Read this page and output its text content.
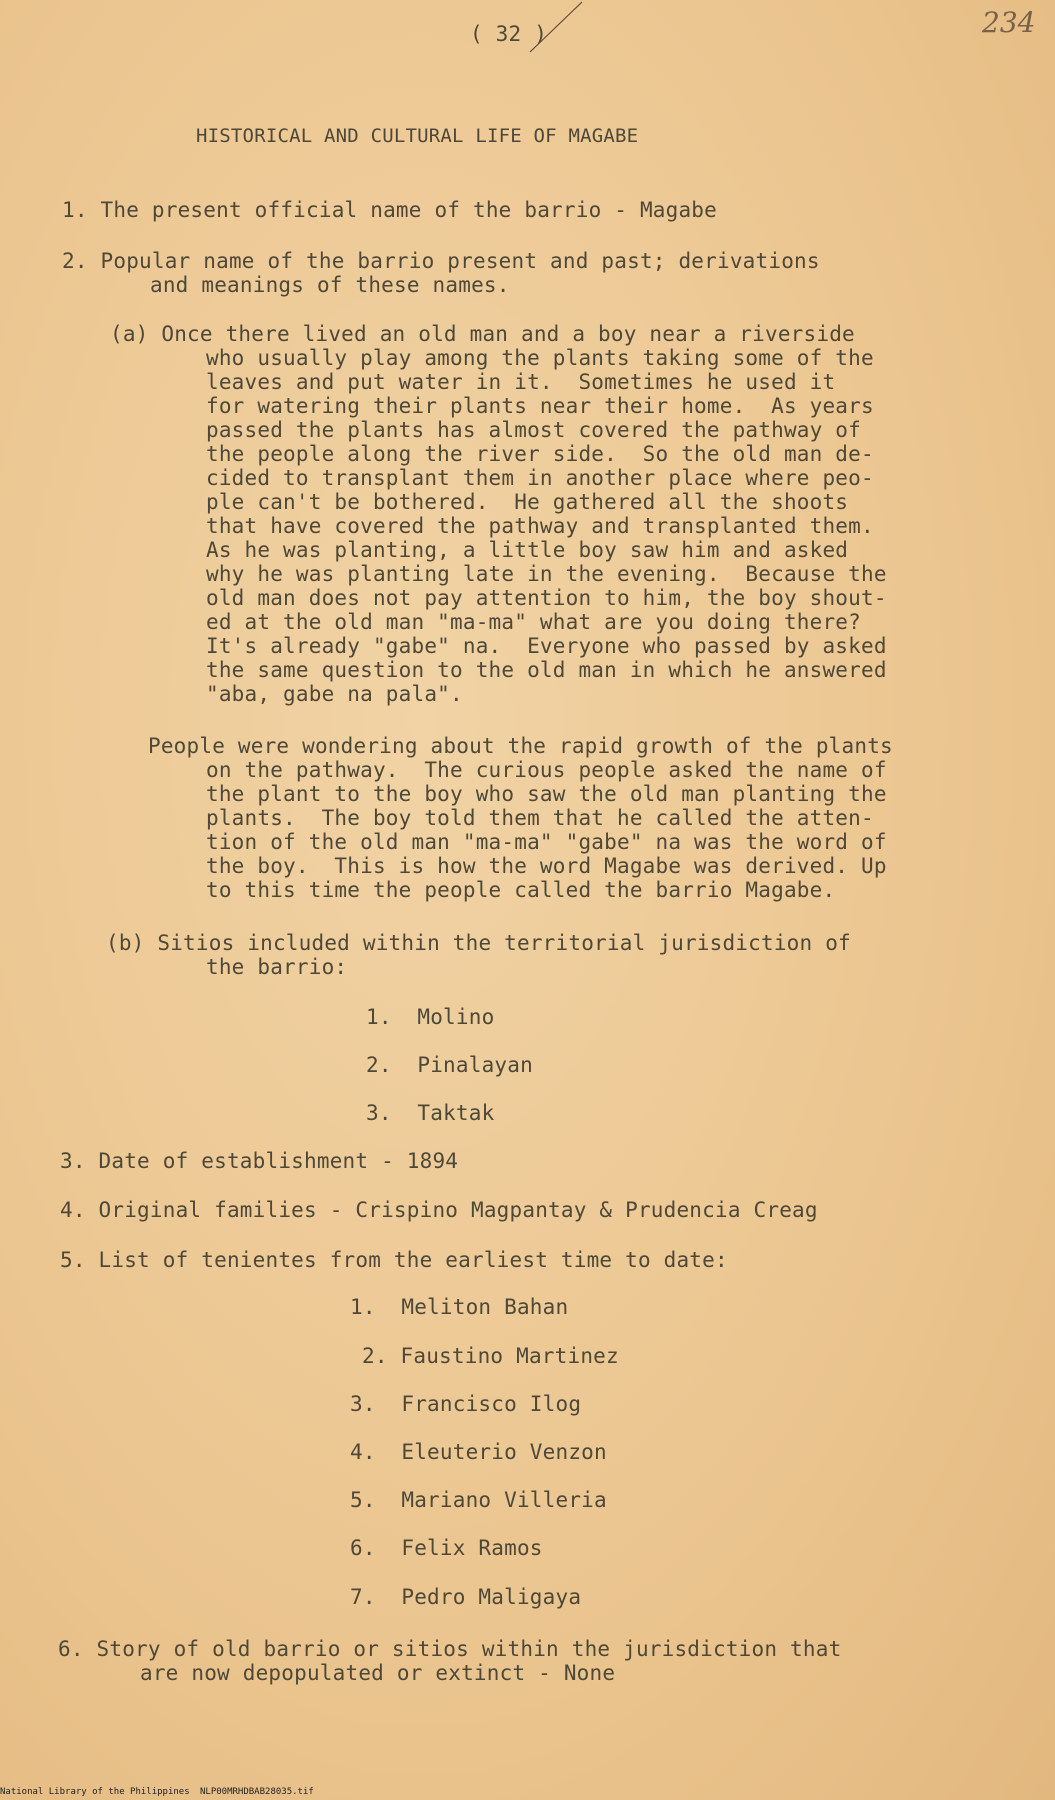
( 32 )	234
HISTORICAL AND CULTURAL LIFE OF MAGABE
1. The present official name of the barrio - Magabe
2. Popular name of the barrio present and past; derivations
and meanings of these names.
(a) Once there lived an old man and a boy near a riverside
who usually play among the plants taking some of the
leaves and put water in it.  Sometimes he used it
for watering their plants near their home.  As years
passed the plants has almost covered the pathway of
the people along the river side.  So the old man de-
cided to transplant them in another place where peo-
ple can't be bothered.  He gathered all the shoots
that have covered the pathway and transplanted them.
As he was planting, a little boy saw him and asked
why he was planting late in the evening.  Because the
old man does not pay attention to him, the boy shout-
ed at the old man "ma-ma" what are you doing there?
It's already "gabe" na.  Everyone who passed by asked
the same question to the old man in which he answered
"aba, gabe na pala".
People were wondering about the rapid growth of the plants
on the pathway.  The curious people asked the name of
the plant to the boy who saw the old man planting the
plants.  The boy told them that he called the atten-
tion of the old man "ma-ma" "gabe" na was the word of
the boy.  This is how the word Magabe was derived. Up
to this time the people called the barrio Magabe.
(b) Sitios included within the territorial jurisdiction of
the barrio:
1.  Molino
2.  Pinalayan
3.  Taktak
3. Date of establishment - 1894
4. Original families - Crispino Magpantay & Prudencia Creag
5. List of tenientes from the earliest time to date:
1.  Meliton Bahan
2. Faustino Martinez
3.  Francisco Ilog
4.  Eleuterio Venzon
5.  Mariano Villeria
6.  Felix Ramos
7.  Pedro Maligaya
6. Story of old barrio or sitios within the jurisdiction that
are now depopulated or extinct - None
National Library of the Philippines NLP00MRHDBAB28035.tif
